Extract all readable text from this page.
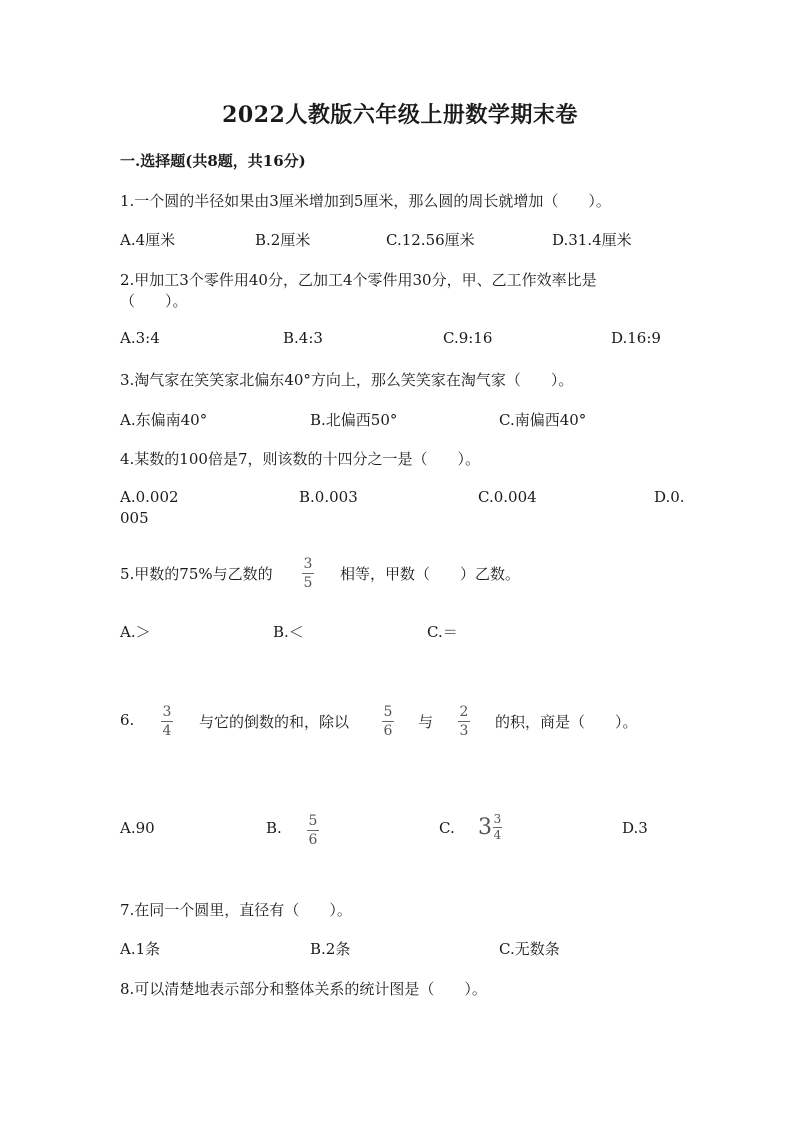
2022人教版六年级上册数学期末卷
一.选择题(共8题，共16分)
1.一个圆的半径如果由3厘米增加到5厘米，那么圆的周长就增加（　　）。
A.4厘米	B.2厘米	C.12.56厘米	D.31.4厘米
2.甲加工3个零件用40分，乙加工4个零件用30分，甲、乙工作效率比是
（　　）。
A.3:4	B.4:3	C.9:16	D.16:9
3.淘气家在笑笑家北偏东40°方向上，那么笑笑家在淘气家（　　）。
A.东偏南40°	B.北偏西50°	C.南偏西40°
4.某数的100倍是7，则该数的十四分之一是（　　）。
A.0.002	B.0.003	C.0.004	D.0.
005
5.甲数的75%与乙数的
3
5 相等，甲数（　　）乙数。
A.＞	B.＜	C.＝
6. 3
4 与它的倒数的和，除以
5
6 与
2
3 的积，商是（　　）。
A.90	B. 5
6
C. $3 \frac{3}{4}$	D.3
7.在同一个圆里，直径有（　　）。
A.1条	B.2条	C.无数条
8.可以清楚地表示部分和整体关系的统计图是（　　）。
